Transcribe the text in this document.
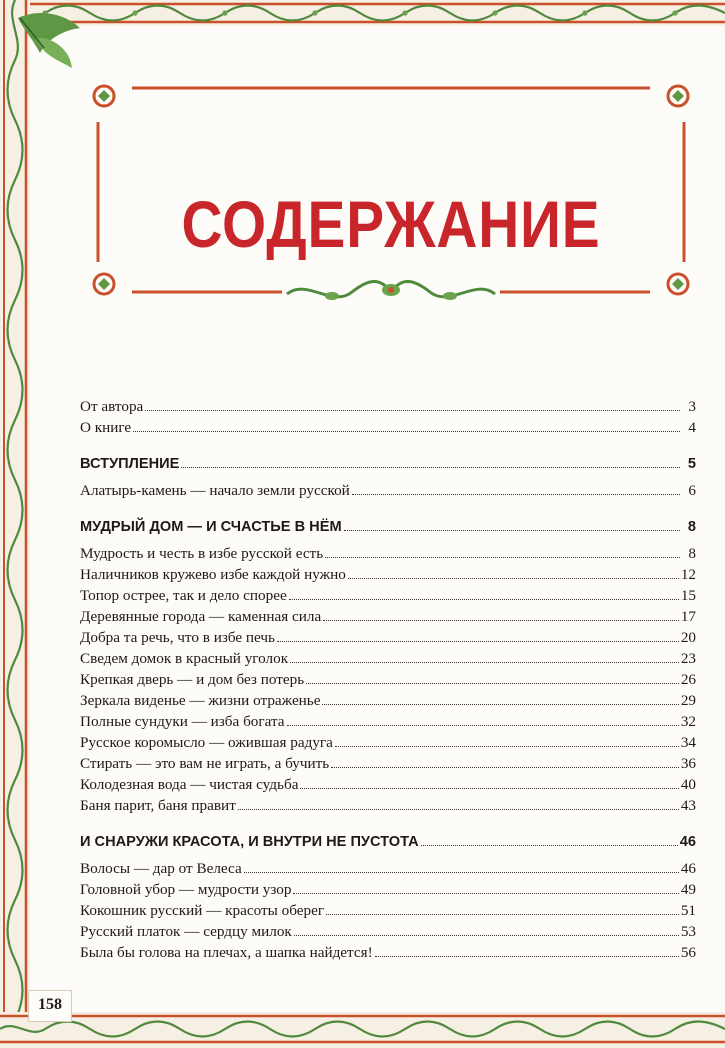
СОДЕРЖАНИЕ
От автора	3
О книге	4
ВСТУПЛЕНИЕ	5
Алатырь-камень — начало земли русской	6
МУДРЫЙ ДОМ — И СЧАСТЬЕ В НЁМ	8
Мудрость и честь в избе русской есть	8
Наличников кружево избе каждой нужно	12
Топор острее, так и дело спорее	15
Деревянные города — каменная сила	17
Добра та речь, что в избе печь	20
Сведем домок в красный уголок	23
Крепкая дверь — и дом без потерь	26
Зеркала виденье — жизни отраженье	29
Полные сундуки — изба богата	32
Русское коромысло — ожившая радуга	34
Стирать — это вам не играть, а бучить	36
Колодезная вода — чистая судьба	40
Баня парит, баня правит	43
И СНАРУЖИ КРАСОТА, И ВНУТРИ НЕ ПУСТОТА	46
Волосы — дар от Велеса	46
Головной убор — мудрости узор	49
Кокошник русский — красоты оберег	51
Русский платок — сердцу милок	53
Была бы голова на плечах, а шапка найдется!	56
158
